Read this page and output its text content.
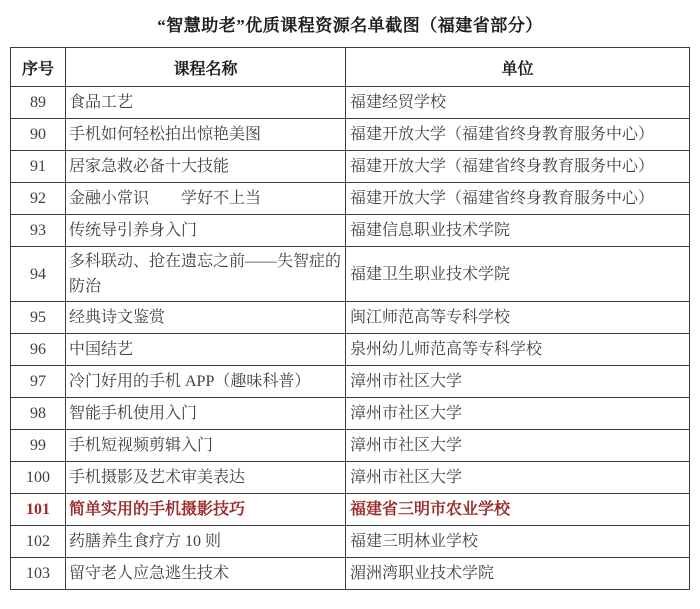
“智慧助老”优质课程资源名单截图（福建省部分）
序号	课程名称	单位
89	食品工艺	福建经贸学校
90	手机如何轻松拍出惊艳美图	福建开放大学（福建省终身教育服务中心）
91	居家急救必备十大技能	福建开放大学（福建省终身教育服务中心）
92	金融小常识　　学好不上当	福建开放大学（福建省终身教育服务中心）
93	传统导引养身入门	福建信息职业技术学院
94	多科联动、抢在遗忘之前——失智症的防治	福建卫生职业技术学院
95	经典诗文鉴赏	闽江师范高等专科学校
96	中国结艺	泉州幼儿师范高等专科学校
97	冷门好用的手机 APP（趣味科普）	漳州市社区大学
98	智能手机使用入门	漳州市社区大学
99	手机短视频剪辑入门	漳州市社区大学
100	手机摄影及艺术审美表达	漳州市社区大学
101	简单实用的手机摄影技巧	福建省三明市农业学校
102	药膳养生食疗方 10 则	福建三明林业学校
103	留守老人应急逃生技术	湄洲湾职业技术学院
